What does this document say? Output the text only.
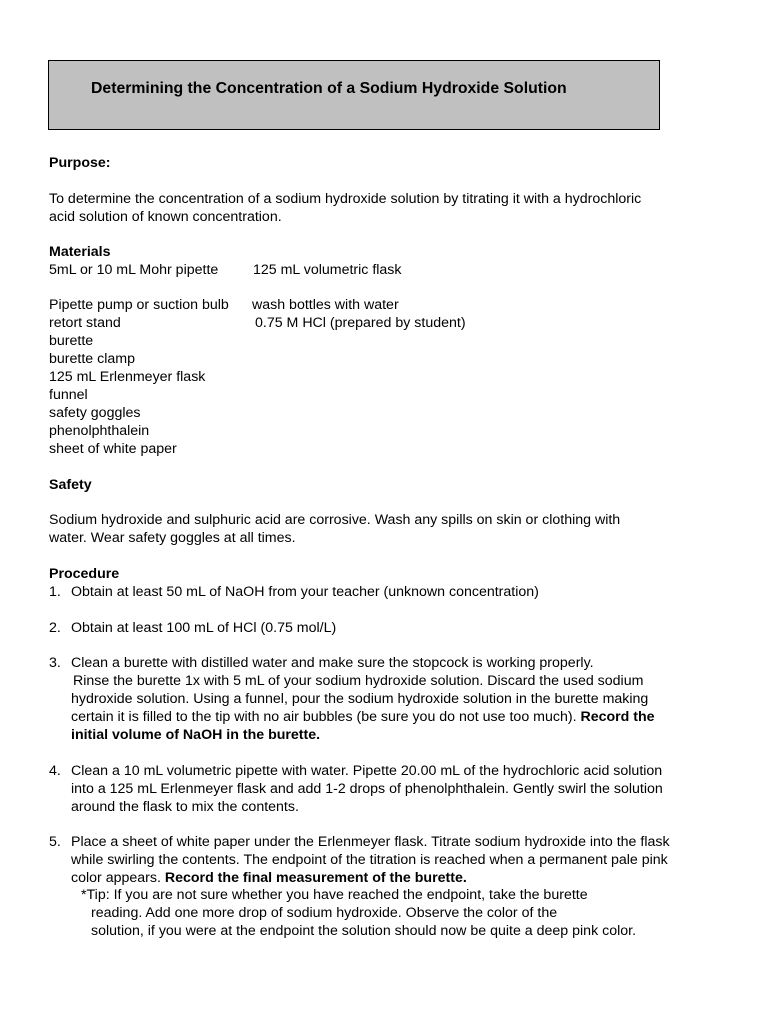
Determining the Concentration of a Sodium Hydroxide Solution
Purpose:
To determine the concentration of a sodium hydroxide solution by titrating it with a hydrochloric
acid solution of known concentration.
Materials
5mL or 10 mL Mohr pipette 125 mL volumetric flask
Pipette pump or suction bulb wash bottles with water
retort stand	0.75 M HCl (prepared by student)
burette
burette clamp
125 mL Erlenmeyer flask
funnel
safety goggles
phenolphthalein
sheet of white paper
Safety
Sodium hydroxide and sulphuric acid are corrosive. Wash any spills on skin or clothing with
water. Wear safety goggles at all times.
Procedure
1. Obtain at least 50 mL of NaOH from your teacher (unknown concentration)
2. Obtain at least 100 mL of HCl (0.75 mol/L)
3. Clean a burette with distilled water and make sure the stopcock is working properly.
Rinse the burette 1x with 5 mL of your sodium hydroxide solution. Discard the used sodium
hydroxide solution. Using a funnel, pour the sodium hydroxide solution in the burette making
certain it is filled to the tip with no air bubbles (be sure you do not use too much). Record the
initial volume of NaOH in the burette.
4. Clean a 10 mL volumetric pipette with water. Pipette 20.00 mL of the hydrochloric acid solution
into a 125 mL Erlenmeyer flask and add 1-2 drops of phenolphthalein. Gently swirl the solution
around the flask to mix the contents.
5. Place a sheet of white paper under the Erlenmeyer flask. Titrate sodium hydroxide into the flask
while swirling the contents. The endpoint of the titration is reached when a permanent pale pink
color appears. Record the final measurement of the burette.
*Tip: If you are not sure whether you have reached the endpoint, take the burette
reading. Add one more drop of sodium hydroxide. Observe the color of the
solution, if you were at the endpoint the solution should now be quite a deep pink color.
